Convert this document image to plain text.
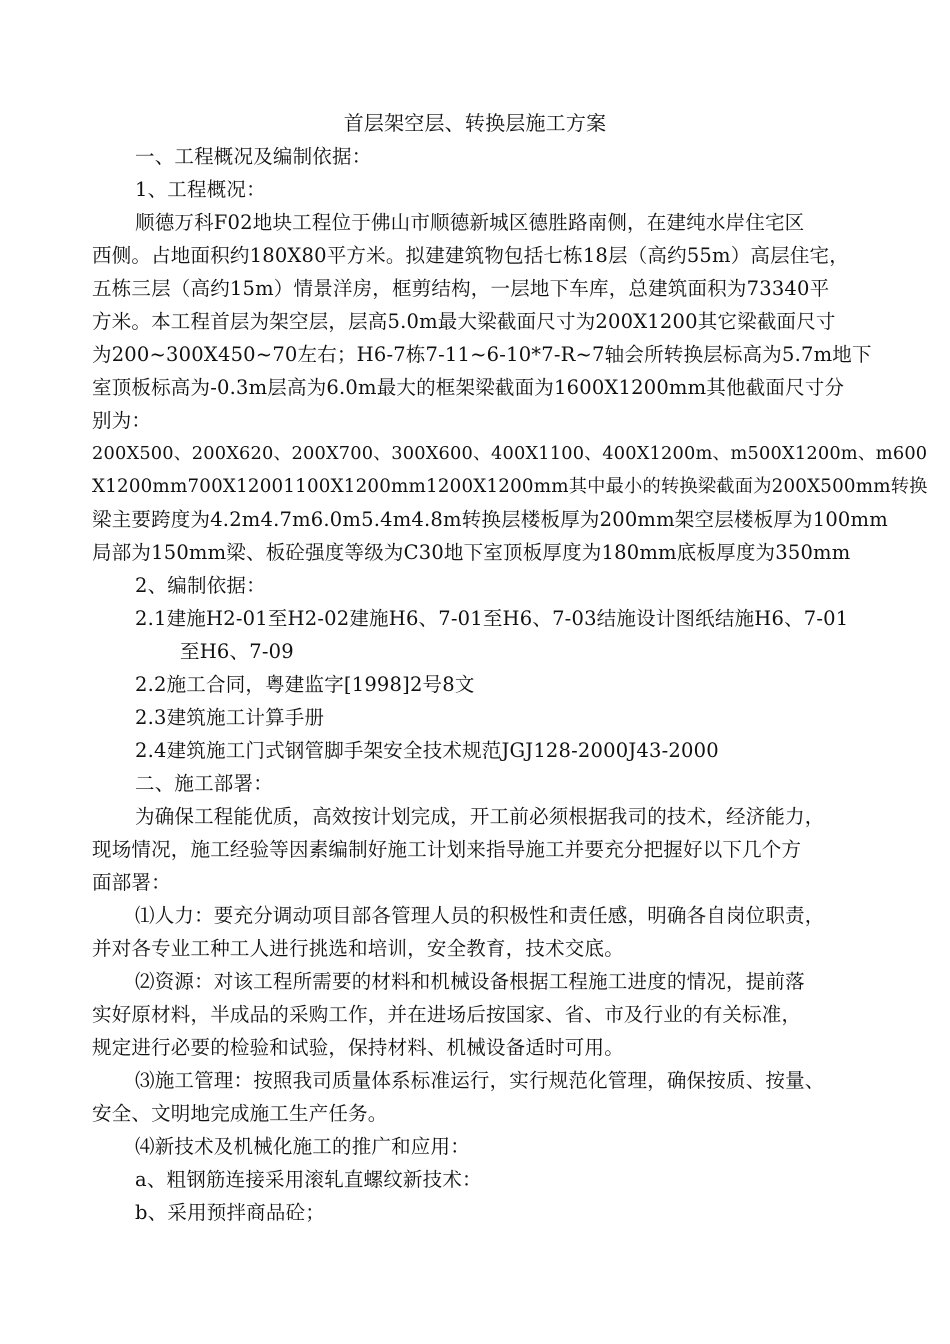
首层架空层、转换层施工方案
一、工程概况及编制依据：
1、工程概况：
顺德万科F02地块工程位于佛山市顺德新城区德胜路南侧，在建纯水岸住宅区
西侧。占地面积约180X80平方米。拟建建筑物包括七栋18层（高约55m）高层住宅，
五栋三层（高约15m）情景洋房，框剪结构，一层地下车库，总建筑面积为73340平
方米。本工程首层为架空层，层高5.0m最大梁截面尺寸为200X1200其它梁截面尺寸
为200~300X450~70左右；H6-7栋7-11~6-10*7-R~7轴会所转换层标高为5.7m地下
室顶板标高为-0.3m层高为6.0m最大的框架梁截面为1600X1200mm其他截面尺寸分
别为：
200X500、200X620、200X700、300X600、400X1100、400X1200m、m500X1200m、m600
X1200mm700X12001100X1200mm1200X1200mm其中最小的转换梁截面为200X500mm转换
梁主要跨度为4.2m4.7m6.0m5.4m4.8m转换层楼板厚为200mm架空层楼板厚为100mm
局部为150mm梁、板砼强度等级为C30地下室顶板厚度为180mm底板厚度为350mm
2、编制依据：
2.1建施H2-01至H2-02建施H6、7-01至H6、7-03结施设计图纸结施H6、7-01
至H6、7-09
2.2施工合同，粤建监字[1998]2号8文
2.3建筑施工计算手册
2.4建筑施工门式钢管脚手架安全技术规范JGJ128-2000J43-2000
二、施工部署：
为确保工程能优质，高效按计划完成，开工前必须根据我司的技术，经济能力，
现场情况，施工经验等因素编制好施工计划来指导施工并要充分把握好以下几个方
面部署：
⑴人力：要充分调动项目部各管理人员的积极性和责任感，明确各自岗位职责，
并对各专业工种工人进行挑选和培训，安全教育，技术交底。
⑵资源：对该工程所需要的材料和机械设备根据工程施工进度的情况，提前落
实好原材料，半成品的采购工作，并在进场后按国家、省、市及行业的有关标准，
规定进行必要的检验和试验，保持材料、机械设备适时可用。
⑶施工管理：按照我司质量体系标准运行，实行规范化管理，确保按质、按量、
安全、文明地完成施工生产任务。
⑷新技术及机械化施工的推广和应用：
a、粗钢筋连接采用滚轧直螺纹新技术：
b、采用预拌商品砼；
